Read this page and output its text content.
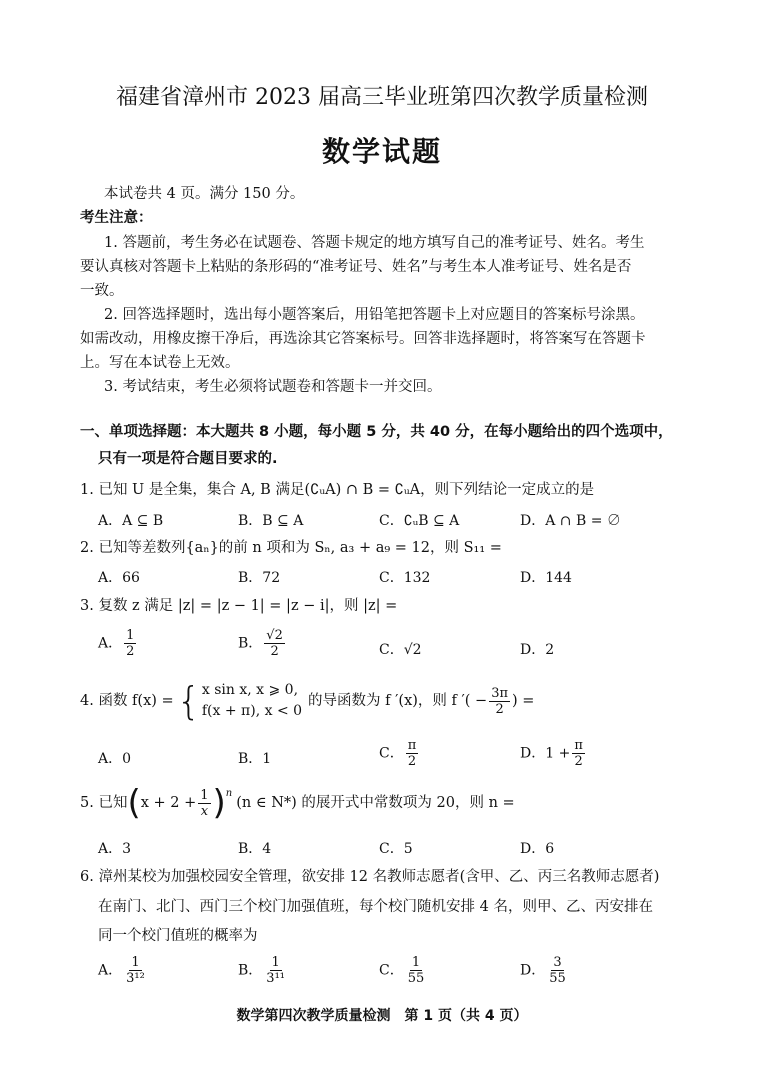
福建省漳州市 2023 届高三毕业班第四次教学质量检测
数学试题
本试卷共 4 页。满分 150 分。
考生注意：
1. 答题前，考生务必在试题卷、答题卡规定的地方填写自己的准考证号、姓名。考生
要认真核对答题卡上粘贴的条形码的“准考证号、姓名”与考生本人准考证号、姓名是否
一致。
2. 回答选择题时，选出每小题答案后，用铅笔把答题卡上对应题目的答案标号涂黑。
如需改动，用橡皮擦干净后，再选涂其它答案标号。回答非选择题时，将答案写在答题卡
上。写在本试卷上无效。
3. 考试结束，考生必须将试题卷和答题卡一并交回。
一、单项选择题：本大题共 8 小题，每小题 5 分，共 40 分，在每小题给出的四个选项中，
只有一项是符合题目要求的.
1. 已知 U 是全集，集合 A, B 满足(∁ᵤA) ∩ B = ∁ᵤA，则下列结论一定成立的是
A．A ⊆ B	B．B ⊆ A	C．∁ᵤB ⊆ A	D．A ∩ B = ∅
2. 已知等差数列{aₙ}的前 n 项和为 Sₙ, a₃ + a₉ = 12，则 S₁₁ =
A．66	B．72	C．132	D．144
3. 复数 z 满足 |z| = |z − 1| = |z − i|，则 |z| =
A． $\frac{1}{2}$	B． $\frac{√2}{2}$	C．√2	D．2
4. 函数 f(x) = { x sin x, x ⩾ 0,
f(x + π), x < 0
的导函数为 f ′(x)，则 f ′( − $\frac{3\pi}{2}$ ) =
A．0	B．1	C． $\frac{\pi}{2}$	D．$1 + \frac{\pi}{2}$
5. 已知 ( $x + 2 + \frac{1}{x}$ ) n
(n ∈ N*) 的展开式中常数项为 20，则 n =
A．3	B．4	C．5	D．6
6. 漳州某校为加强校园安全管理，欲安排 12 名教师志愿者(含甲、乙、丙三名教师志愿者)
在南门、北门、西门三个校门加强值班，每个校门随机安排 4 名，则甲、乙、丙安排在
同一个校门值班的概率为
A． $\frac{1}{\text{3¹²}}$	B． $\frac{1}{\text{3¹¹}}$	C． $\frac{1}{55}$	D． $\frac{3}{55}$
数学第四次教学质量检测　第 1 页（共 4 页）
